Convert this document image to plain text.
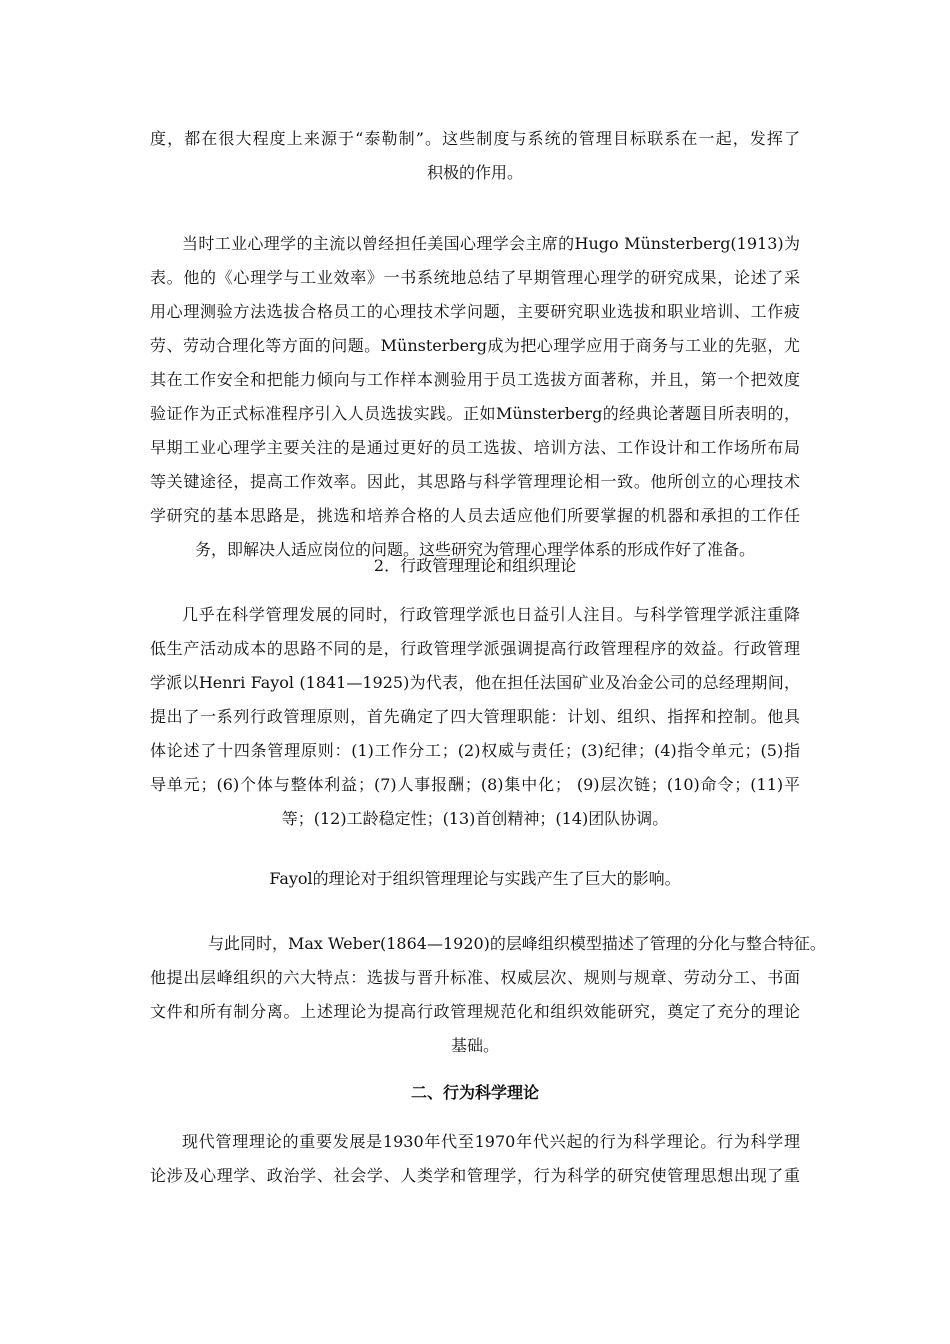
度，都在很大程度上来源于“泰勒制”。这些制度与系统的管理目标联系在一起，发挥了
积极的作用。
当时工业心理学的主流以曾经担任美国心理学会主席的Hugo Münsterberg(1913)为
表。他的《心理学与工业效率》一书系统地总结了早期管理心理学的研究成果，论述了采
用心理测验方法选拔合格员工的心理技术学问题，主要研究职业选拔和职业培训、工作疲
劳、劳动合理化等方面的问题。Münsterberg成为把心理学应用于商务与工业的先驱，尤
其在工作安全和把能力倾向与工作样本测验用于员工选拔方面著称，并且，第一个把效度
验证作为正式标准程序引入人员选拔实践。正如Münsterberg的经典论著题目所表明的，
早期工业心理学主要关注的是通过更好的员工选拔、培训方法、工作设计和工作场所布局
等关键途径，提高工作效率。因此，其思路与科学管理理论相一致。他所创立的心理技术
学研究的基本思路是，挑选和培养合格的人员去适应他们所要掌握的机器和承担的工作任
务，即解决人适应岗位的问题。这些研究为管理心理学体系的形成作好了准备。
2．行政管理理论和组织理论
几乎在科学管理发展的同时，行政管理学派也日益引人注目。与科学管理学派注重降
低生产活动成本的思路不同的是，行政管理学派强调提高行政管理程序的效益。行政管理
学派以Henri Fayol (1841—1925)为代表，他在担任法国矿业及冶金公司的总经理期间，
提出了一系列行政管理原则，首先确定了四大管理职能：计划、组织、指挥和控制。他具
体论述了十四条管理原则：(1)工作分工；(2)权威与责任；(3)纪律；(4)指令单元；(5)指
导单元；(6)个体与整体利益；(7)人事报酬；(8)集中化； (9)层次链；(10)命令；(11)平
等；(12)工龄稳定性；(13)首创精神；(14)团队协调。
Fayol的理论对于组织管理理论与实践产生了巨大的影响。
与此同时，Max Weber(1864—1920)的层峰组织模型描述了管理的分化与整合特征。
他提出层峰组织的六大特点：选拔与晋升标准、权威层次、规则与规章、劳动分工、书面
文件和所有制分离。上述理论为提高行政管理规范化和组织效能研究，奠定了充分的理论
基础。
二、行为科学理论
现代管理理论的重要发展是1930年代至1970年代兴起的行为科学理论。行为科学理
论涉及心理学、政治学、社会学、人类学和管理学，行为科学的研究使管理思想出现了重
